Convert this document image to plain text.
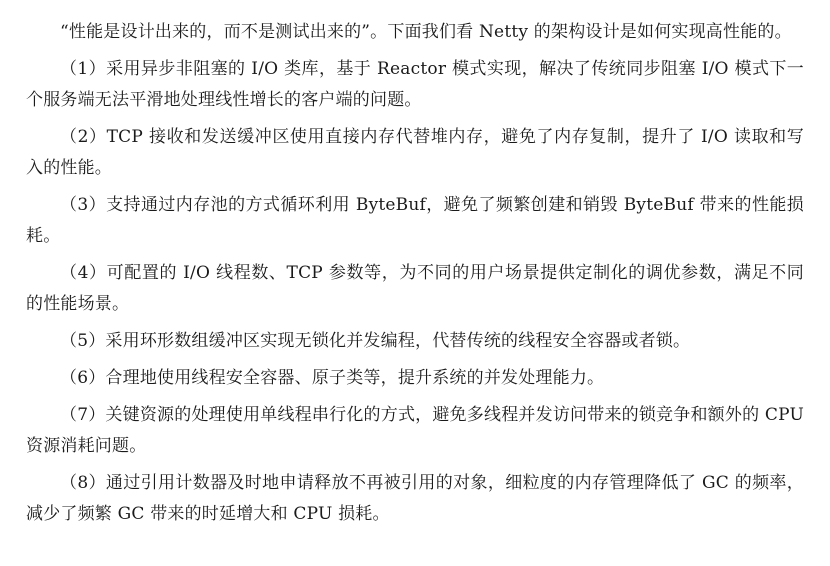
“性能是设计出来的，而不是测试出来的”。下面我们看 Netty 的架构设计是如何实现高性能的。

（1）采用异步非阻塞的 I/O 类库，基于 Reactor 模式实现，解决了传统同步阻塞 I/O 模式下一个服务端无法平滑地处理线性增长的客户端的问题。

（2）TCP 接收和发送缓冲区使用直接内存代替堆内存，避免了内存复制，提升了 I/O 读取和写入的性能。

（3）支持通过内存池的方式循环利用 ByteBuf，避免了频繁创建和销毁 ByteBuf 带来的性能损耗。

（4）可配置的 I/O 线程数、TCP 参数等，为不同的用户场景提供定制化的调优参数，满足不同的性能场景。

（5）采用环形数组缓冲区实现无锁化并发编程，代替传统的线程安全容器或者锁。

（6）合理地使用线程安全容器、原子类等，提升系统的并发处理能力。

（7）关键资源的处理使用单线程串行化的方式，避免多线程并发访问带来的锁竞争和额外的 CPU 资源消耗问题。

（8）通过引用计数器及时地申请释放不再被引用的对象，细粒度的内存管理降低了 GC 的频率，减少了频繁 GC 带来的时延增大和 CPU 损耗。
